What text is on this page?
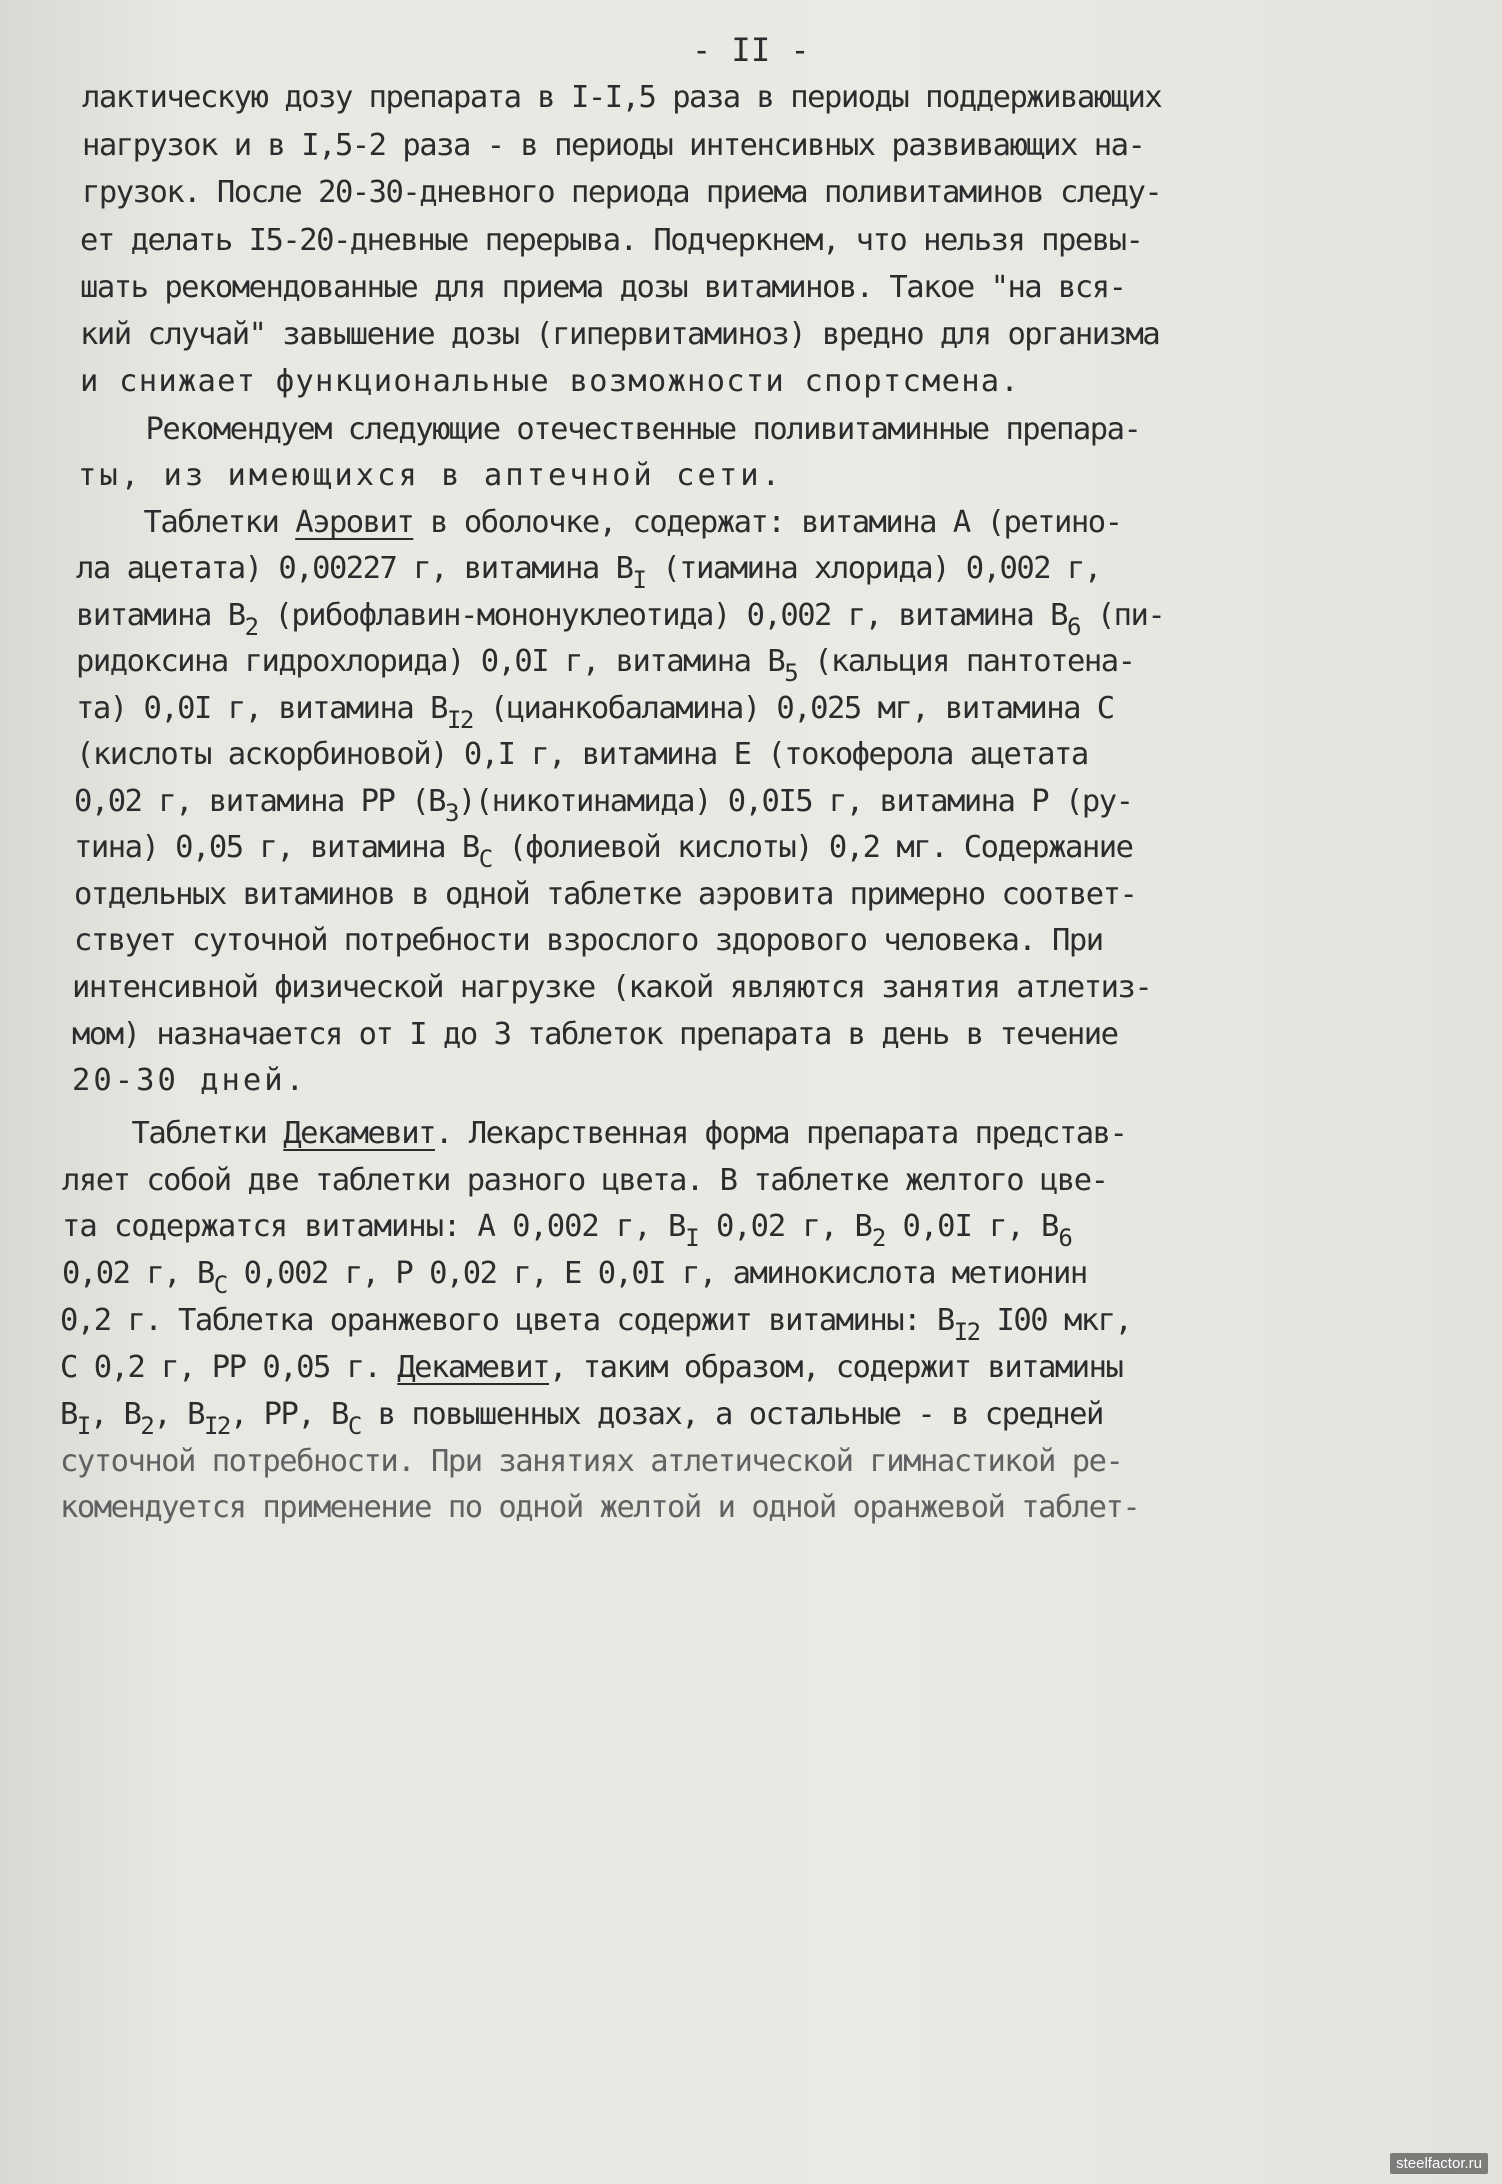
- II -
лактическую дозу препарата в I-I,5 раза в периоды поддерживающих
нагрузок и в I,5-2 раза - в периоды интенсивных развивающих на-
грузок. После 20-30-дневного периода приема поливитаминов следу-
ет делать I5-20-дневные перерыва. Подчеркнем, что нельзя превы-
шать рекомендованные для приема дозы витаминов. Такое "на вся-
кий случай" завышение дозы (гипервитаминоз) вредно для организма
и снижает функциональные возможности спортсмена.
Рекомендуем следующие отечественные поливитаминные препара-
ты, из имеющихся в аптечной сети.
Таблетки Аэровит в оболочке, содержат: витамина А (ретино-
ла ацетата) 0,00227 г, витамина $B_I$ (тиамина хлорида) 0,002 г,
витамина $B_2$ (рибофлавин-мононуклеотида) 0,002 г, витамина $B_6$ (пи-
ридоксина гидрохлорида) 0,0I г, витамина $B_5$ (кальция пантотена-
та) 0,0I г, витамина $B_{I2}$ (цианкобаламина) 0,025 мг, витамина С
(кислоты аскорбиновой) 0,I г, витамина Е (токоферола ацетата
0,02 г, витамина PP $(B_3)(никотинамида)$ 0,0I5 г, витамина Р (ру-
тина) 0,05 г, витамина $B_C$ (фолиевой кислоты) 0,2 мг. Содержание
отдельных витаминов в одной таблетке аэровита примерно соответ-
ствует суточной потребности взрослого здорового человека. При
интенсивной физической нагрузке (какой являются занятия атлетиз-
мом) назначается от I до 3 таблеток препарата в день в течение
20-30 дней.
Таблетки Декамевит. Лекарственная форма препарата представ-
ляет собой две таблетки разного цвета. В таблетке желтого цве-
та содержатся витамины: А 0,002 г, $B_I$ 0,02 г, $B_2$ 0,0I г, $B_6$
0,02 г, $B_C$ 0,002 г, Р 0,02 г, Е 0,0I г, аминокислота метионин
0,2 г. Таблетка оранжевого цвета содержит витамины: $B_{I2}$ I00 мкг,
С 0,2 г, PP 0,05 г. Декамевит, таким образом, содержит витамины
$B_I$, $B_2$, $B_{I2}$, PP, $B_C$ в повышенных дозах, а остальные - в средней
суточной потребности. При занятиях атлетической гимнастикой ре-
комендуется применение по одной желтой и одной оранжевой таблет-
steelfactor.ru
